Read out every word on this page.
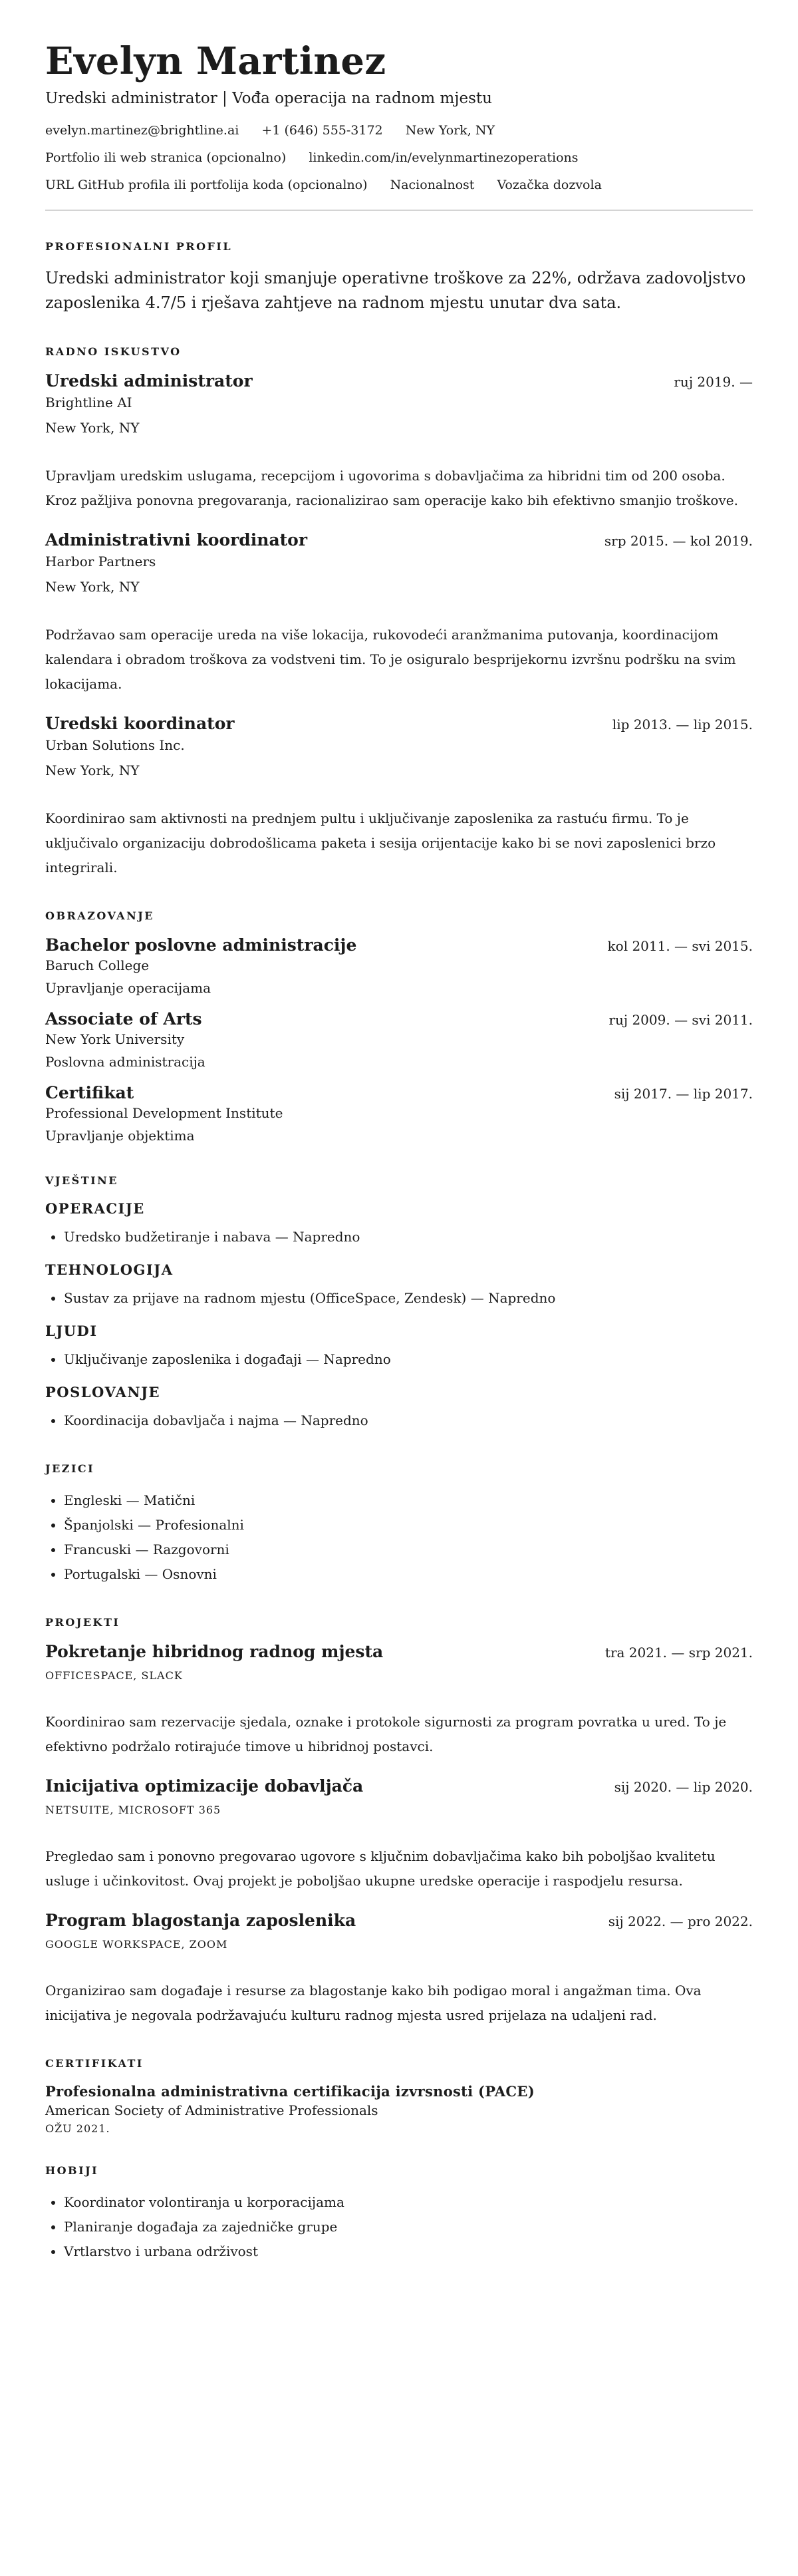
Evelyn Martinez
Uredski administrator | Vođa operacija na radnom mjestu
evelyn.martinez@brightline.ai +1 (646) 555-3172 New York, NY
Portfolio ili web stranica (opcionalno) linkedin.com/in/evelynmartinezoperations
URL GitHub profila ili portfolija koda (opcionalno) Nacionalnost Vozačka dozvola
PROFESIONALNI PROFIL
Uredski administrator koji smanjuje operativne troškove za 22%, održava zadovoljstvo zaposlenika 4.7/5 i rješava zahtjeve na radnom mjestu unutar dva sata.
RADNO ISKUSTVO
Uredski administrator	ruj 2019. —
Brightline AI
New York, NY
Upravljam uredskim uslugama, recepcijom i ugovorima s dobavljačima za hibridni tim od 200 osoba. Kroz pažljiva ponovna pregovaranja, racionalizirao sam operacije kako bih efektivno smanjio troškove.
Administrativni koordinator	srp 2015. — kol 2019.
Harbor Partners
New York, NY
Podržavao sam operacije ureda na više lokacija, rukovodeći aranžmanima putovanja, koordinacijom kalendara i obradom troškova za vodstveni tim. To je osiguralo besprijekornu izvršnu podršku na svim lokacijama.
Uredski koordinator	lip 2013. — lip 2015.
Urban Solutions Inc.
New York, NY
Koordinirao sam aktivnosti na prednjem pultu i uključivanje zaposlenika za rastuću firmu. To je uključivalo organizaciju dobrodošlicama paketa i sesija orijentacije kako bi se novi zaposlenici brzo integrirali.
OBRAZOVANJE
Bachelor poslovne administracije	kol 2011. — svi 2015.
Baruch College
Upravljanje operacijama
Associate of Arts	ruj 2009. — svi 2011.
New York University
Poslovna administracija
Certifikat	sij 2017. — lip 2017.
Professional Development Institute
Upravljanje objektima
VJEŠTINE
OPERACIJE
• Uredsko budžetiranje i nabava — Napredno
TEHNOLOGIJA
• Sustav za prijave na radnom mjestu (OfficeSpace, Zendesk) — Napredno
LJUDI
• Uključivanje zaposlenika i događaji — Napredno
POSLOVANJE
• Koordinacija dobavljača i najma — Napredno
JEZICI
• Engleski — Matični
• Španjolski — Profesionalni
• Francuski — Razgovorni
• Portugalski — Osnovni
PROJEKTI
Pokretanje hibridnog radnog mjesta	tra 2021. — srp 2021.
OFFICESPACE, SLACK
Koordinirao sam rezervacije sjedala, oznake i protokole sigurnosti za program povratka u ured. To je efektivno podržalo rotirajuće timove u hibridnoj postavci.
Inicijativa optimizacije dobavljača	sij 2020. — lip 2020.
NETSUITE, MICROSOFT 365
Pregledao sam i ponovno pregovarao ugovore s ključnim dobavljačima kako bih poboljšao kvalitetu usluge i učinkovitost. Ovaj projekt je poboljšao ukupne uredske operacije i raspodjelu resursa.
Program blagostanja zaposlenika	sij 2022. — pro 2022.
GOOGLE WORKSPACE, ZOOM
Organizirao sam događaje i resurse za blagostanje kako bih podigao moral i angažman tima. Ova inicijativa je negovala podržavajuću kulturu radnog mjesta usred prijelaza na udaljeni rad.
CERTIFIKATI
Profesionalna administrativna certifikacija izvrsnosti (PACE)
American Society of Administrative Professionals
OŽU 2021.
HOBIJI
• Koordinator volontiranja u korporacijama
• Planiranje događaja za zajedničke grupe
• Vrtlarstvo i urbana održivost
